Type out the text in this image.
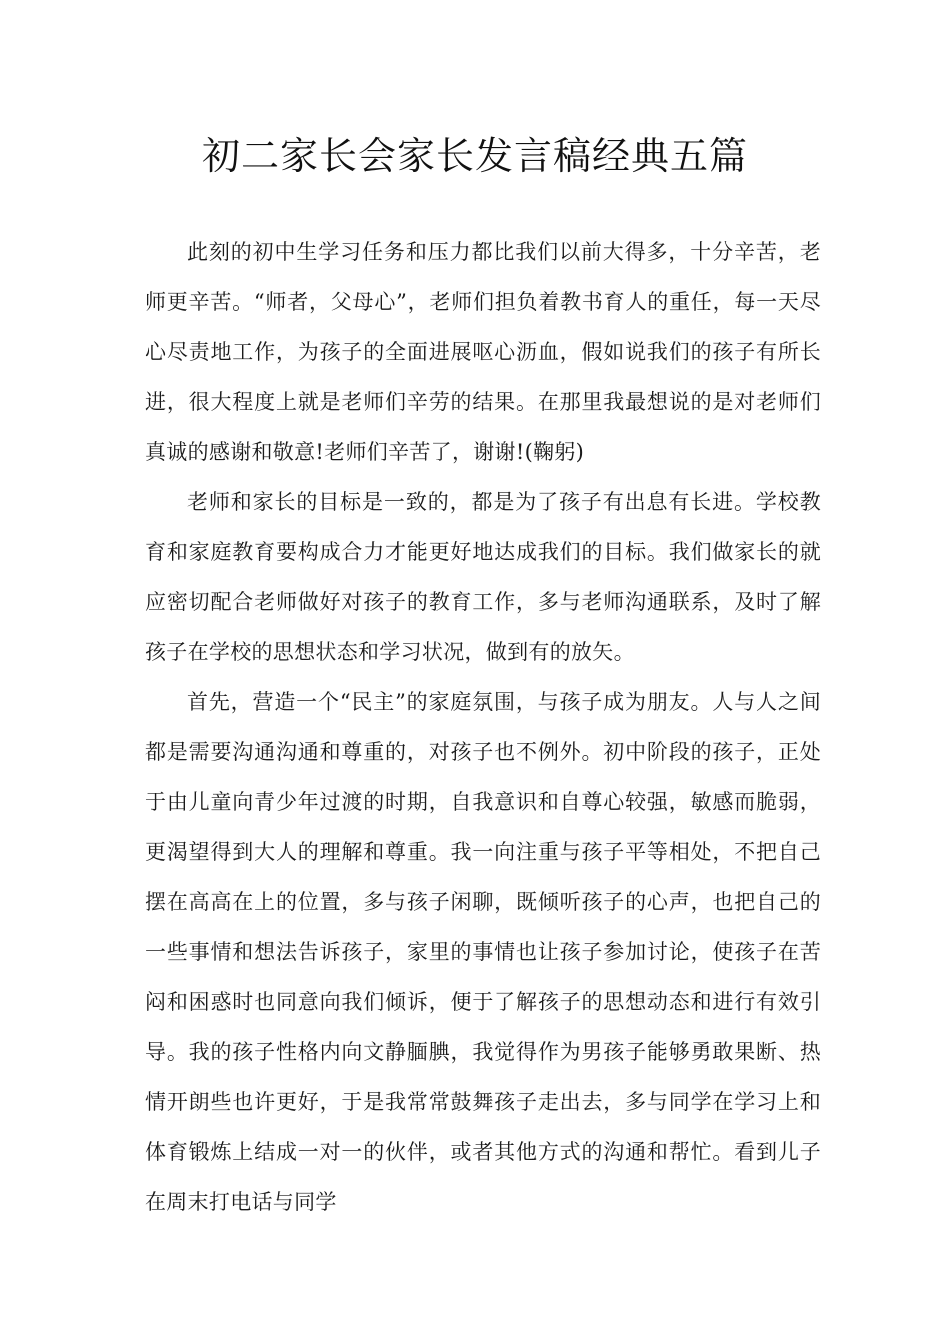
初二家长会家长发言稿经典五篇

此刻的初中生学习任务和压力都比我们以前大得多，十分辛苦，老师更辛苦。“师者，父母心”，老师们担负着教书育人的重任，每一天尽心尽责地工作，为孩子的全面进展呕心沥血，假如说我们的孩子有所长进，很大程度上就是老师们辛劳的结果。在那里我最想说的是对老师们真诚的感谢和敬意!老师们辛苦了，谢谢!(鞠躬)

老师和家长的目标是一致的，都是为了孩子有出息有长进。学校教育和家庭教育要构成合力才能更好地达成我们的目标。我们做家长的就应密切配合老师做好对孩子的教育工作，多与老师沟通联系，及时了解孩子在学校的思想状态和学习状况，做到有的放矢。

首先，营造一个“民主”的家庭氛围，与孩子成为朋友。人与人之间都是需要沟通沟通和尊重的，对孩子也不例外。初中阶段的孩子，正处于由儿童向青少年过渡的时期，自我意识和自尊心较强，敏感而脆弱，更渴望得到大人的理解和尊重。我一向注重与孩子平等相处，不把自己摆在高高在上的位置，多与孩子闲聊，既倾听孩子的心声，也把自己的一些事情和想法告诉孩子，家里的事情也让孩子参加讨论，使孩子在苦闷和困惑时也同意向我们倾诉，便于了解孩子的思想动态和进行有效引导。我的孩子性格内向文静腼腆，我觉得作为男孩子能够勇敢果断、热情开朗些也许更好，于是我常常鼓舞孩子走出去，多与同学在学习上和体育锻炼上结成一对一的伙伴，或者其他方式的沟通和帮忙。看到儿子在周末打电话与同学
